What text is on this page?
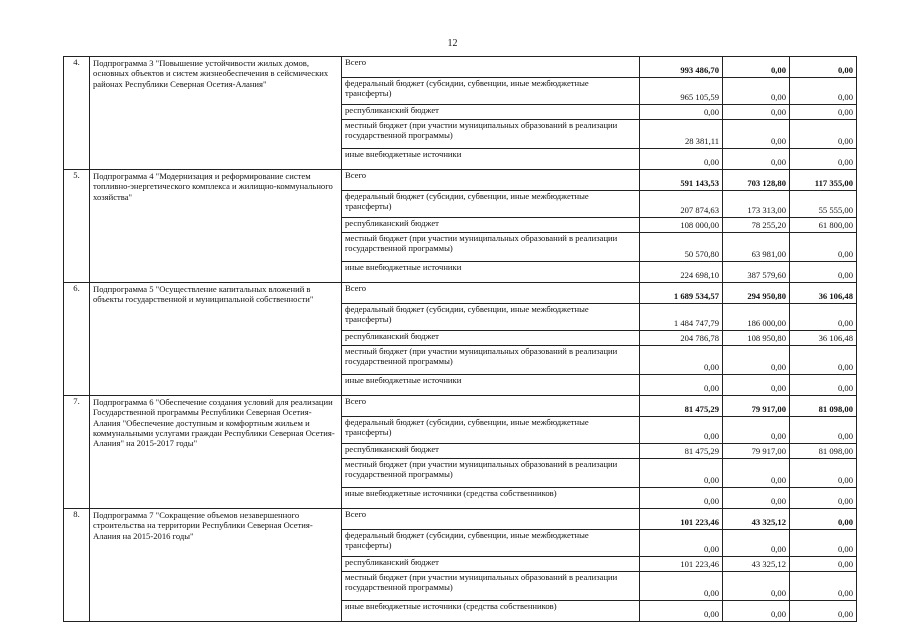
12
4.	Подпрограмма 3 "Повышение устойчивости жилых домов, основных объектов и систем жизнеобеспечения в сейсмических районах Республики Северная Осетия-Алания"	Всего	993 486,70	0,00	0,00
		федеральный бюджет (субсидии, субвенции, иные межбюджетные трансферты)	965 105,59	0,00	0,00
		республиканский бюджет	0,00	0,00	0,00
		местный бюджет (при участии муниципальных образований в реализации государственной программы)	28 381,11	0,00	0,00
		иные внебюджетные источники	0,00	0,00	0,00
5.	Подпрограмма 4 "Модернизация и реформирование систем топливно-энергетического комплекса и жилищно-коммунального хозяйства"	Всего	591 143,53	703 128,80	117 355,00
		федеральный бюджет (субсидии, субвенции, иные межбюджетные трансферты)	207 874,63	173 313,00	55 555,00
		республиканский бюджет	108 000,00	78 255,20	61 800,00
		местный бюджет (при участии муниципальных образований в реализации государственной программы)	50 570,80	63 981,00	0,00
		иные внебюджетные источники	224 698,10	387 579,60	0,00
6.	Подпрограмма 5 "Осуществление капитальных вложений в объекты государственной и муниципальной собственности"	Всего	1 689 534,57	294 950,80	36 106,48
		федеральный бюджет (субсидии, субвенции, иные межбюджетные трансферты)	1 484 747,79	186 000,00	0,00
		республиканский бюджет	204 786,78	108 950,80	36 106,48
		местный бюджет (при участии муниципальных образований в реализации государственной программы)	0,00	0,00	0,00
		иные внебюджетные источники	0,00	0,00	0,00
7.	Подпрограмма 6 "Обеспечение создания условий для реализации Государственной программы Республики Северная Осетия-Алания "Обеспечение доступным и комфортным жильем и коммунальными услугами граждан Республики Северная Осетия-Алания" на 2015-2017 годы"	Всего	81 475,29	79 917,00	81 098,00
		федеральный бюджет (субсидии, субвенции, иные межбюджетные трансферты)	0,00	0,00	0,00
		республиканский бюджет	81 475,29	79 917,00	81 098,00
		местный бюджет (при участии муниципальных образований в реализации государственной программы)	0,00	0,00	0,00
		иные внебюджетные источники (средства собственников)	0,00	0,00	0,00
8.	Подпрограмма 7 "Сокращение объемов незавершенного строительства на территории Республики Северная Осетия-Алания на 2015-2016 годы"	Всего	101 223,46	43 325,12	0,00
		федеральный бюджет (субсидии, субвенции, иные межбюджетные трансферты)	0,00	0,00	0,00
		республиканский бюджет	101 223,46	43 325,12	0,00
		местный бюджет (при участии муниципальных образований в реализации государственной программы)	0,00	0,00	0,00
		иные внебюджетные источники (средства собственников)	0,00	0,00	0,00
